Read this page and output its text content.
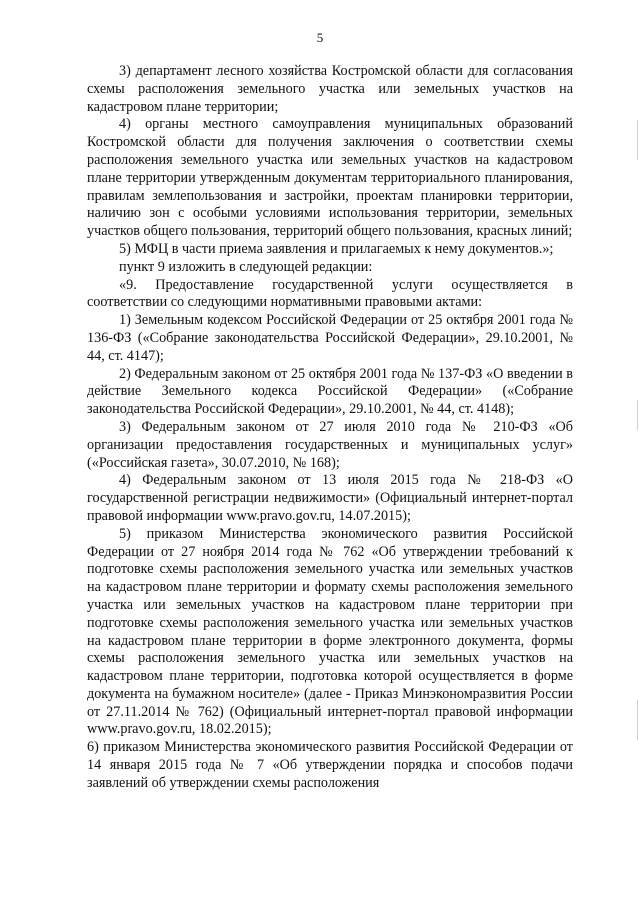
5

3) департамент лесного хозяйства Костромской области для согласования схемы расположения земельного участка или земельных участков на кадастровом плане территории;

4) органы местного самоуправления муниципальных образований Костромской области для получения заключения о соответствии схемы расположения земельного участка или земельных участков на кадастровом плане территории утвержденным документам территориального планирования, правилам землепользования и застройки, проектам планировки территории, наличию зон с особыми условиями использования территории, земельных участков общего пользования, территорий общего пользования, красных линий;

5) МФЦ в части приема заявления и прилагаемых к нему документов.»;

пункт 9 изложить в следующей редакции:

«9. Предоставление государственной услуги осуществляется в соответствии со следующими нормативными правовыми актами:

1) Земельным кодексом Российской Федерации от 25 октября 2001 года № 136-ФЗ («Собрание законодательства Российской Федерации», 29.10.2001, № 44, ст. 4147);

2) Федеральным законом от 25 октября 2001 года № 137-ФЗ «О введении в действие Земельного кодекса Российской Федерации» («Собрание законодательства Российской Федерации», 29.10.2001, № 44, ст. 4148);

3) Федеральным законом от 27 июля 2010 года № 210-ФЗ «Об организации предоставления государственных и муниципальных услуг» («Российская газета», 30.07.2010, № 168);

4) Федеральным законом от 13 июля 2015 года № 218-ФЗ «О государственной регистрации недвижимости» (Официальный интернет-портал правовой информации www.pravo.gov.ru, 14.07.2015);

5) приказом Министерства экономического развития Российской Федерации от 27 ноября 2014 года № 762 «Об утверждении требований к подготовке схемы расположения земельного участка или земельных участков на кадастровом плане территории и формату схемы расположения земельного участка или земельных участков на кадастровом плане территории при подготовке схемы расположения земельного участка или земельных участков на кадастровом плане территории в форме электронного документа, формы схемы расположения земельного участка или земельных участков на кадастровом плане территории, подготовка которой осуществляется в форме документа на бумажном носителе» (далее - Приказ Минэкономразвития России от 27.11.2014 № 762) (Официальный интернет-портал правовой информации www.pravo.gov.ru, 18.02.2015);

6) приказом Министерства экономического развития Российской Федерации от 14 января 2015 года № 7 «Об утверждении порядка и способов подачи заявлений об утверждении схемы расположения
